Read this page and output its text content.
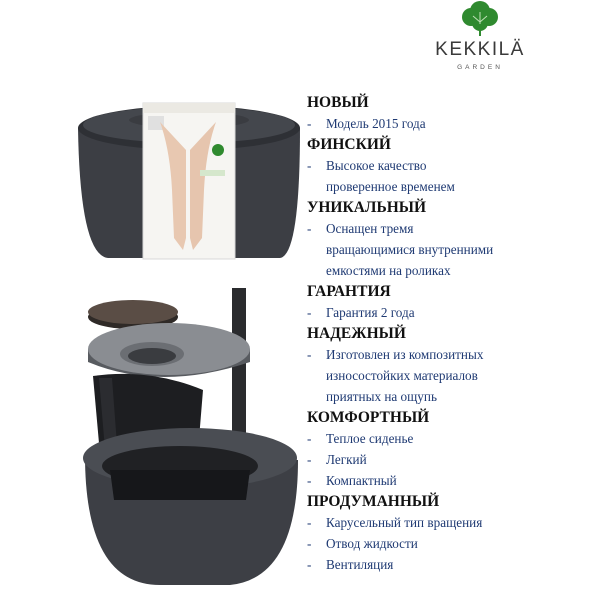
KEKKILÄ
GARDEN
НОВЫЙ
- Модель 2015 года
ФИНСКИЙ
- Высокое качество
проверенное временем
УНИКАЛЬНЫЙ
- Оснащен тремя
вращающимися внутренними
емкостями на роликах
ГАРАНТИЯ
- Гарантия 2 года
НАДЕЖНЫЙ
- Изготовлен из композитных
износостойких материалов
приятных на ощупь
КОМФОРТНЫЙ
- Теплое сиденье
- Легкий
- Компактный
ПРОДУМАННЫЙ
- Карусельный тип вращения
- Отвод жидкости
- Вентиляция
